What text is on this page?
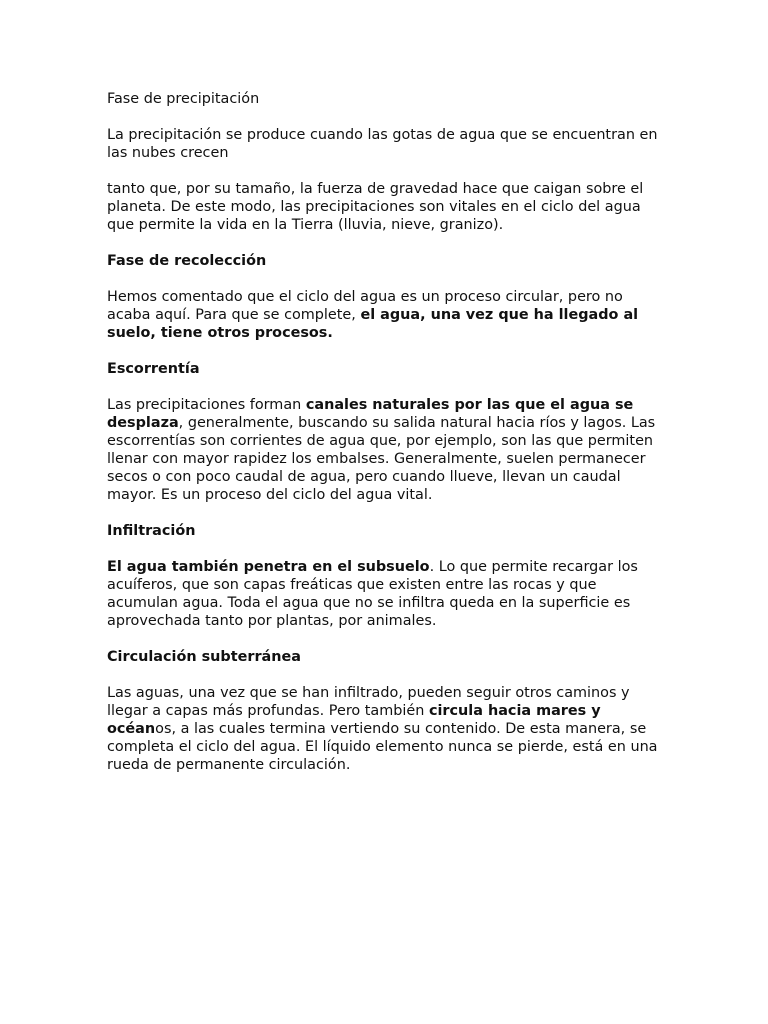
Fase de precipitación

La precipitación se produce cuando las gotas de agua que se encuentran en las nubes crecen

tanto que, por su tamaño, la fuerza de gravedad hace que caigan sobre el planeta. De este modo, las precipitaciones son vitales en el ciclo del agua que permite la vida en la Tierra (lluvia, nieve, granizo).

Fase de recolección

Hemos comentado que el ciclo del agua es un proceso circular, pero no acaba aquí. Para que se complete, el agua, una vez que ha llegado al suelo, tiene otros procesos.

Escorrentía

Las precipitaciones forman canales naturales por las que el agua se desplaza, generalmente, buscando su salida natural hacia ríos y lagos. Las escorrentías son corrientes de agua que, por ejemplo, son las que permiten llenar con mayor rapidez los embalses. Generalmente, suelen permanecer secos o con poco caudal de agua, pero cuando llueve, llevan un caudal mayor. Es un proceso del ciclo del agua vital.

Infiltración

El agua también penetra en el subsuelo. Lo que permite recargar los acuíferos, que son capas freáticas que existen entre las rocas y que acumulan agua. Toda el agua que no se infiltra queda en la superficie es aprovechada tanto por plantas, por animales.

Circulación subterránea

Las aguas, una vez que se han infiltrado, pueden seguir otros caminos y llegar a capas más profundas. Pero también circula hacia mares y océanos, a las cuales termina vertiendo su contenido. De esta manera, se completa el ciclo del agua. El líquido elemento nunca se pierde, está en una rueda de permanente circulación.
